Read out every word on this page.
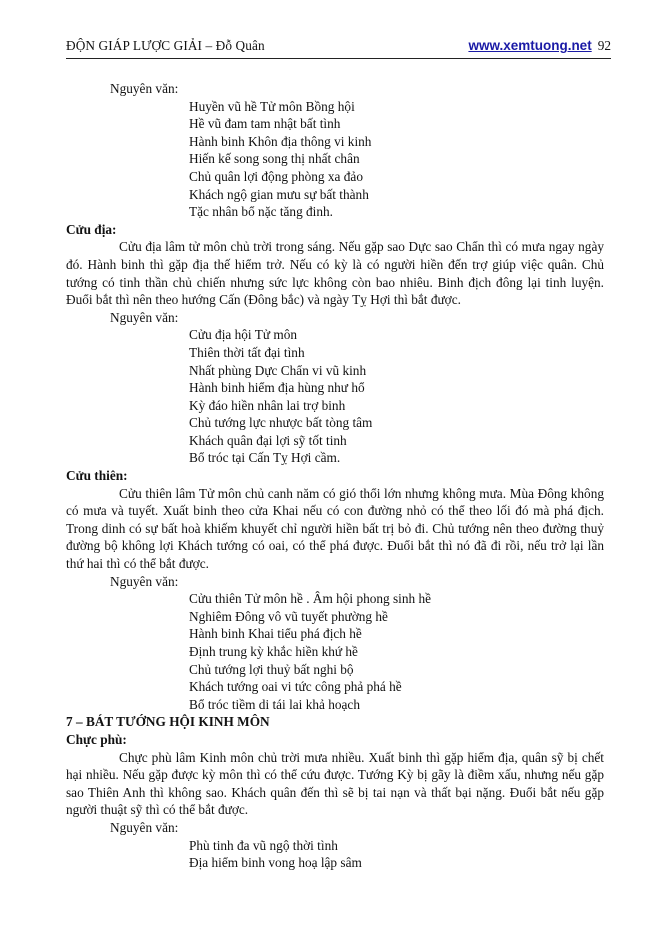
ĐỘN GIÁP LƯỢC GIẢI – Đỗ Quân	www.xemtuong.net 92
Nguyên văn:
Huyền vũ hề Tử môn Bồng hội
Hề vũ đam tam nhật bất tình
Hành binh Khôn địa thông vi kinh
Hiến kế song song thị nhất chân
Chủ quân lợi động phòng xa đảo
Khách ngộ gian mưu sự bất thành
Tặc nhân bổ nặc tăng đinh.
Cửu địa:
Cửu địa lâm tử môn chủ trời trong sáng. Nếu gặp sao Dực sao Chẩn thì có mưa ngay ngày đó. Hành binh thì gặp địa thế hiểm trở. Nếu có kỳ là có người hiền đến trợ giúp việc quân. Chủ tướng có tinh thần chủ chiến nhưng sức lực không còn bao nhiêu. Binh địch đông lại tinh luyện. Đuổi bắt thì nên theo hướng Cấn (Đông bắc) và ngày Tỵ Hợi thì bắt được.
Nguyên văn:
Cửu địa hội Tử môn
Thiên thời tất đại tình
Nhất phùng Dực Chẩn vi vũ kinh
Hành binh hiểm địa hùng như hổ
Kỳ đáo hiền nhân lai trợ binh
Chủ tướng lực nhược bất tòng tâm
Khách quân đại lợi sỹ tốt tinh
Bổ tróc tại Cấn Tỵ Hợi cầm.
Cửu thiên:
Cửu thiên lâm Tử môn chủ canh năm có gió thổi lớn nhưng không mưa. Mùa Đông không có mưa và tuyết. Xuất binh theo cửa Khai nếu có con đường nhỏ có thể theo lối đó mà phá địch. Trong dinh có sự bất hoà khiếm khuyết chỉ người hiền bất trị bỏ đi. Chủ tướng nên theo đường thuỷ đường bộ không lợi Khách tướng có oai, có thể phá được. Đuổi bắt thì nó đã đi rồi, nếu trở lại lần thứ hai thì có thể bắt được.
Nguyên văn:
Cửu thiên Tử môn hề . Âm hội phong sinh hề
Nghiêm Đông vô vũ tuyết phường hề
Hành binh Khai tiểu phá địch hề
Định trung kỳ khắc hiền khứ hề
Chủ tướng lợi thuỷ bất nghi bộ
Khách tướng oai vi tức công phả phá hề
Bổ tróc tiềm di tái lai khả hoạch
7 – BÁT TƯỚNG HỘI KINH MÔN
Chực phù:
Chực phù lâm Kinh môn chủ trời mưa nhiều. Xuất binh thì gặp hiểm địa, quân sỹ bị chết hại nhiều. Nếu gặp được kỳ môn thì có thể cứu được. Tướng Kỳ bị gãy là điềm xấu, nhưng nếu gặp sao Thiên Anh thì không sao. Khách quân đến thì sẽ bị tai nạn và thất bại nặng. Đuổi bắt nếu gặp người thuật sỹ thì có thể bắt được.
Nguyên văn:
Phù tinh đa vũ ngộ thời tình
Địa hiểm binh vong hoạ lập sâm
